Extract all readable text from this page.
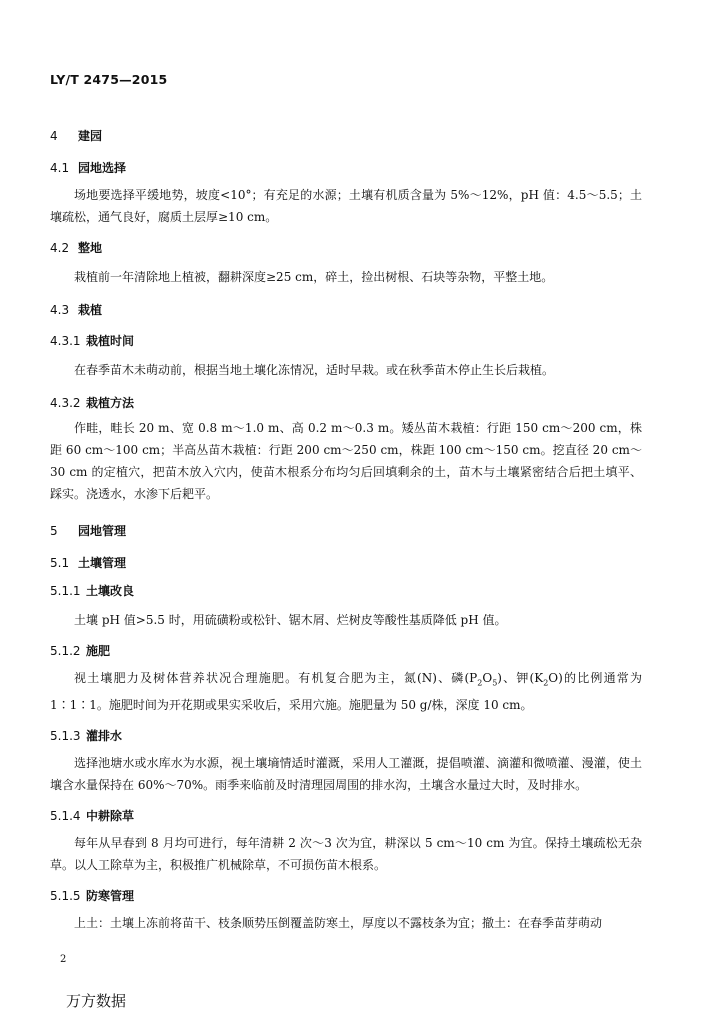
LY/T 2475—2015
4 建园
4.1 园地选择

场地要选择平缓地势，坡度<10°；有充足的水源；土壤有机质含量为 5%～12%，pH 值：4.5～5.5；土壤疏松，通气良好，腐质土层厚≥10 cm。

4.2 整地

栽植前一年清除地上植被，翻耕深度≥25 cm，碎土，捡出树根、石块等杂物，平整土地。

4.3 栽植
4.3.1 栽植时间

在春季苗木未萌动前，根据当地土壤化冻情况，适时早栽。或在秋季苗木停止生长后栽植。

4.3.2 栽植方法

作畦，畦长 20 m、宽 0.8 m～1.0 m、高 0.2 m～0.3 m。矮丛苗木栽植：行距 150 cm～200 cm，株距 60 cm～100 cm；半高丛苗木栽植：行距 200 cm～250 cm，株距 100 cm～150 cm。挖直径 20 cm～30 cm 的定植穴，把苗木放入穴内，使苗木根系分布均匀后回填剩余的土，苗木与土壤紧密结合后把土填平、踩实。浇透水，水渗下后耙平。

5 园地管理
5.1 土壤管理
5.1.1 土壤改良

土壤 pH 值>5.5 时，用硫磺粉或松针、锯木屑、烂树皮等酸性基质降低 pH 值。

5.1.2 施肥

视土壤肥力及树体营养状况合理施肥。有机复合肥为主，氮(N)、磷$(P_2O_5)$、钾$(K_2O)$的比例通常为 1∶1∶1。施肥时间为开花期或果实采收后，采用穴施。施肥量为 50 g/株，深度 10 cm。

5.1.3 灌排水

选择池塘水或水库水为水源，视土壤墒情适时灌溉，采用人工灌溉，提倡喷灌、滴灌和微喷灌、漫灌，使土壤含水量保持在 60%～70%。雨季来临前及时清理园周围的排水沟，土壤含水量过大时，及时排水。

5.1.4 中耕除草

每年从早春到 8 月均可进行，每年清耕 2 次～3 次为宜，耕深以 5 cm～10 cm 为宜。保持土壤疏松无杂草。以人工除草为主，积极推广机械除草，不可损伤苗木根系。

5.1.5 防寒管理

上土：土壤上冻前将苗干、枝条顺势压倒覆盖防寒土，厚度以不露枝条为宜；撤土：在春季苗芽萌动

2
万方数据
